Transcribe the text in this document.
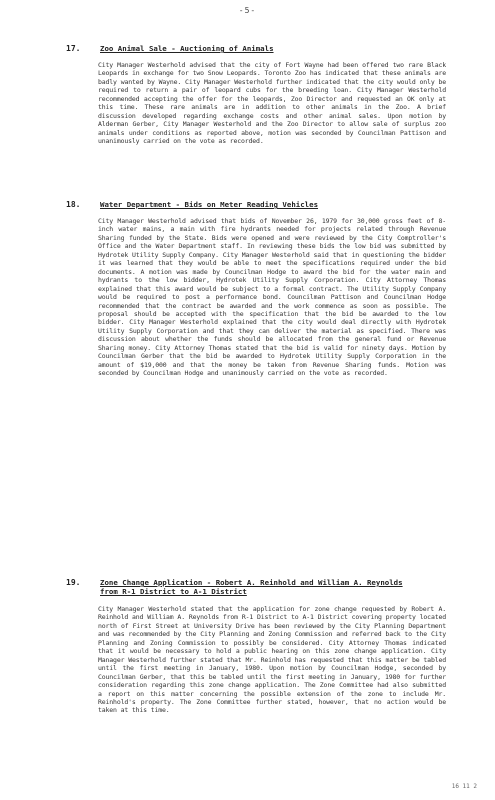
-5-
17.	Zoo Animal Sale - Auctioning of Animals
City Manager Westerhold advised that the city of Fort Wayne had been offered two rare Black Leopards in exchange for two Snow Leopards. Toronto Zoo has indicated that these animals are badly wanted by Wayne. City Manager Westerhold further indicated that the city would only be required to return a pair of leopard cubs for the breeding loan. City Manager Westerhold recommended accepting the offer for the leopards, Zoo Director and requested an OK only at this time. These rare animals are in addition to other animals in the Zoo. A brief discussion developed regarding exchange costs and other animal sales. Upon motion by Alderman Gerber, City Manager Westerhold and the Zoo Director to allow sale of surplus zoo animals under conditions as reported above, motion was seconded by Councilman Pattison and unanimously carried on the vote as recorded.
18.	Water Department - Bids on Meter Reading Vehicles
City Manager Westerhold advised that bids of November 26, 1979 for 30,000 gross feet of 8-inch water mains, a main with fire hydrants needed for projects related through Revenue Sharing funded by the State. Bids were opened and were reviewed by the City Comptroller's Office and the Water Department staff. In reviewing these bids the low bid was submitted by Hydrotek Utility Supply Company. City Manager Westerhold said that in questioning the bidder it was learned that they would be able to meet the specifications required under the bid documents. A motion was made by Councilman Hodge to award the bid for the water main and hydrants to the low bidder, Hydrotek Utility Supply Corporation. City Attorney Thomas explained that this award would be subject to a formal contract. The Utility Supply Company would be required to post a performance bond. Councilman Pattison and Councilman Hodge recommended that the contract be awarded and the work commence as soon as possible. The proposal should be accepted with the specification that the bid be awarded to the low bidder. City Manager Westerhold explained that the city would deal directly with Hydrotek Utility Supply Corporation and that they can deliver the material as specified. There was discussion about whether the funds should be allocated from the general fund or Revenue Sharing money. City Attorney Thomas stated that the bid is valid for ninety days. Motion by Councilman Gerber that the bid be awarded to Hydrotek Utility Supply Corporation in the amount of $19,000 and that the money be taken from Revenue Sharing funds. Motion was seconded by Councilman Hodge and unanimously carried on the vote as recorded.
19.	Zone Change Application - Robert A. Reinhold and William A. Reynolds from R-1 District to A-1 District
City Manager Westerhold stated that the application for zone change requested by Robert A. Reinhold and William A. Reynolds from R-1 District to A-1 District covering property located north of First Street at University Drive has been reviewed by the City Planning Department and was recommended by the City Planning and Zoning Commission and referred back to the City Planning and Zoning Commission to possibly be considered. City Attorney Thomas indicated that it would be necessary to hold a public hearing on this zone change application. City Manager Westerhold further stated that Mr. Reinhold has requested that this matter be tabled until the first meeting in January, 1980. Upon motion by Councilman Hodge, seconded by Councilman Gerber, that this be tabled until the first meeting in January, 1980 for further consideration regarding this zone change application. The Zone Committee had also submitted a report on this matter concerning the possible extension of the zone to include Mr. Reinhold's property. The Zone Committee further stated, however, that no action would be taken at this time.
16 11 2
